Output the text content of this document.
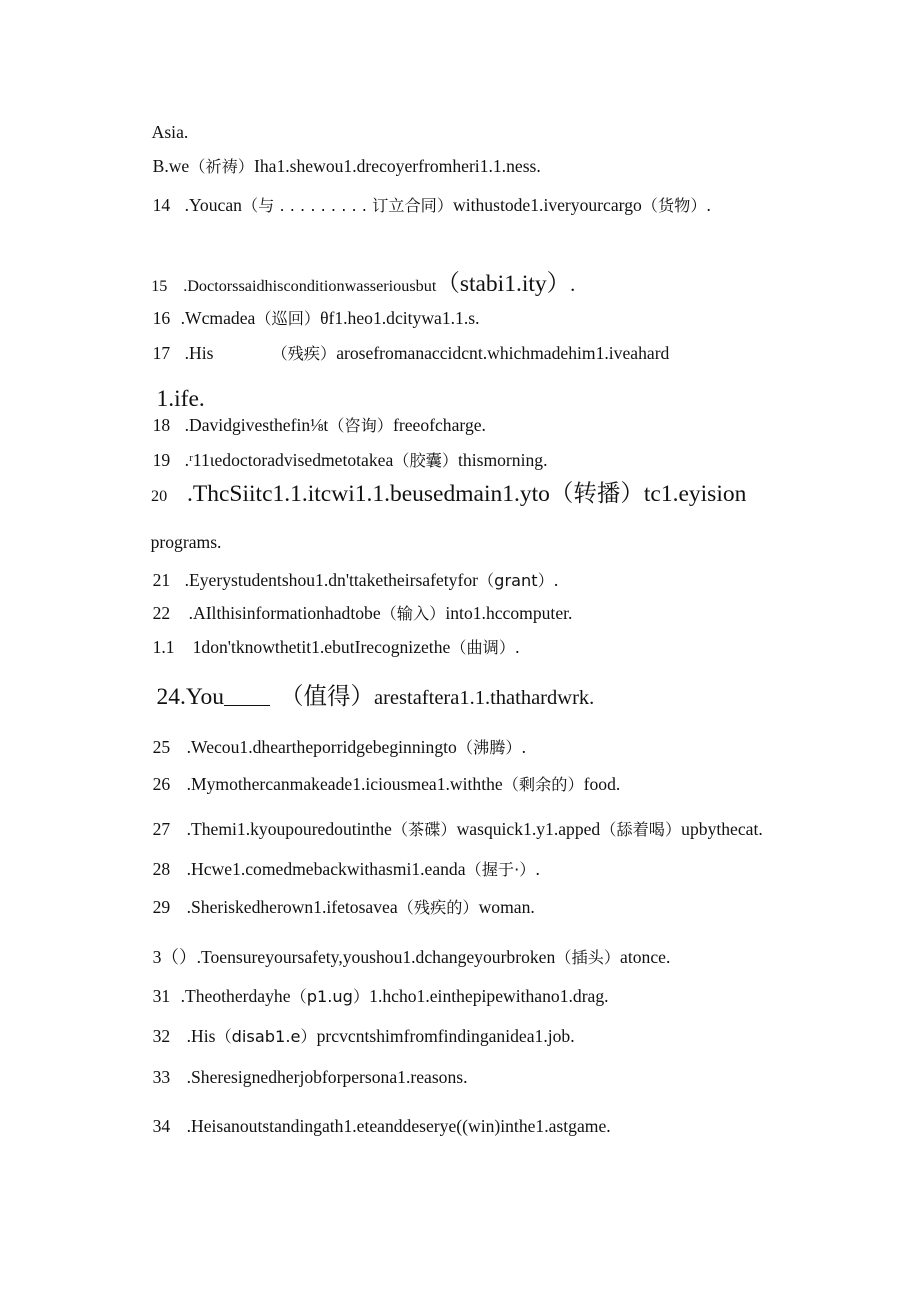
Asia.

B.we（祈祷）Iha1.shewou1.drecoyerfromheri1.1.ness.

14 .Youcan（与 . . . . . . . . . 订立合同）withustode1.iveryourcargo（货物）.

15 .Doctorssaidhisconditionwasseriousbut（stabi1.ity）.

16 .Wcmadea（巡回）θf1.heo1.dcitywa1.1.s.

17 .His	（残疾）arosefromanaccidcnt.whichmadehim1.iveahard

1.ife.

18 .Davidgivesthefin⅛t（咨询）freeofcharge.

19 .ʳ11ɩedoctoradvisedmetotakea（胶囊）thismorning.

20 .ThcSiitc1.1.itcwi1.1.beusedmain1.yto（转播）tc1.eyision

programs.

21 .Eyerystudentshou1.dn'ttaketheirsafetyfor（grant）.

22 .AIlthisinformationhadtobe（输入）into1.hccomputer.

1.1 1don'tknowthetit1.ebutIrecognizethe（曲调）.

24.You （值得）arestaftera1.1.thathardwrk.

25 .Wecou1.dheartheporridgebeginningto（沸腾）.

26 .Mymothercanmakeade1.iciousmea1.withthe（剩余的）food.

27 .Themi1.kyoupouredoutinthe（茶碟）wasquick1.y1.apped（舔着喝）upbythecat.

28 .Hcwe1.comedmebackwithasmi1.eanda（握于·）.

29 .Sheriskedherown1.ifetosavea（残疾的）woman.

3（）.Toensureyoursafety,youshou1.dchangeyourbroken（插头）atonce.

31 .Theotherdayhe（p1.ug）1.hcho1.einthepipewithano1.drag.

32 .His（disab1.e）prcvcntshimfromfindinganidea1.job.

33 .Sheresignedherjobforpersona1.reasons.

34 .Heisanoutstandingath1.eteanddeserye((win)inthe1.astgame.
